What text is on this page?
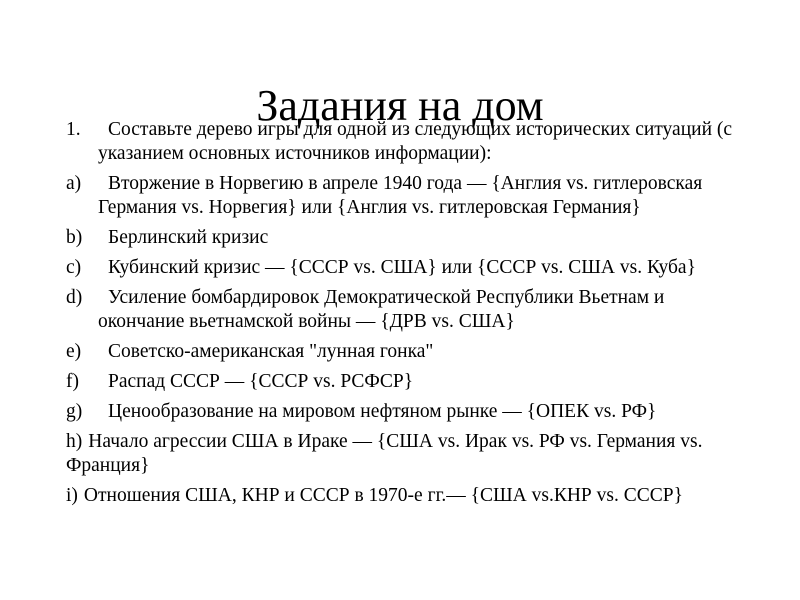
Задания на дом
1.	Составьте дерево игры для одной из следующих исторических ситуаций (с указанием основных источников информации):
a)	Вторжение в Норвегию в апреле 1940 года — {Англия vs. гитлеровская Германия vs. Норвегия} или {Англия vs. гитлеровская Германия}
b)	Берлинский кризис
c)	Кубинский кризис — {СССР vs. США} или {СССР vs. США vs. Куба}
d)	Усиление бомбардировок Демократической Республики Вьетнам и окончание вьетнамской войны — {ДРВ vs. США}
e)	Советско-американская "лунная гонка"
f)	Распад СССР — {СССР vs. РСФСР}
g)	Ценообразование на мировом нефтяном рынке — {ОПЕК vs. РФ}
h) Начало агрессии США в Ираке — {США vs. Ирак vs. РФ vs. Германия vs. Франция}
i) Отношения США, КНР и СССР в 1970-е гг.— {США vs.КНР vs. СССР}
